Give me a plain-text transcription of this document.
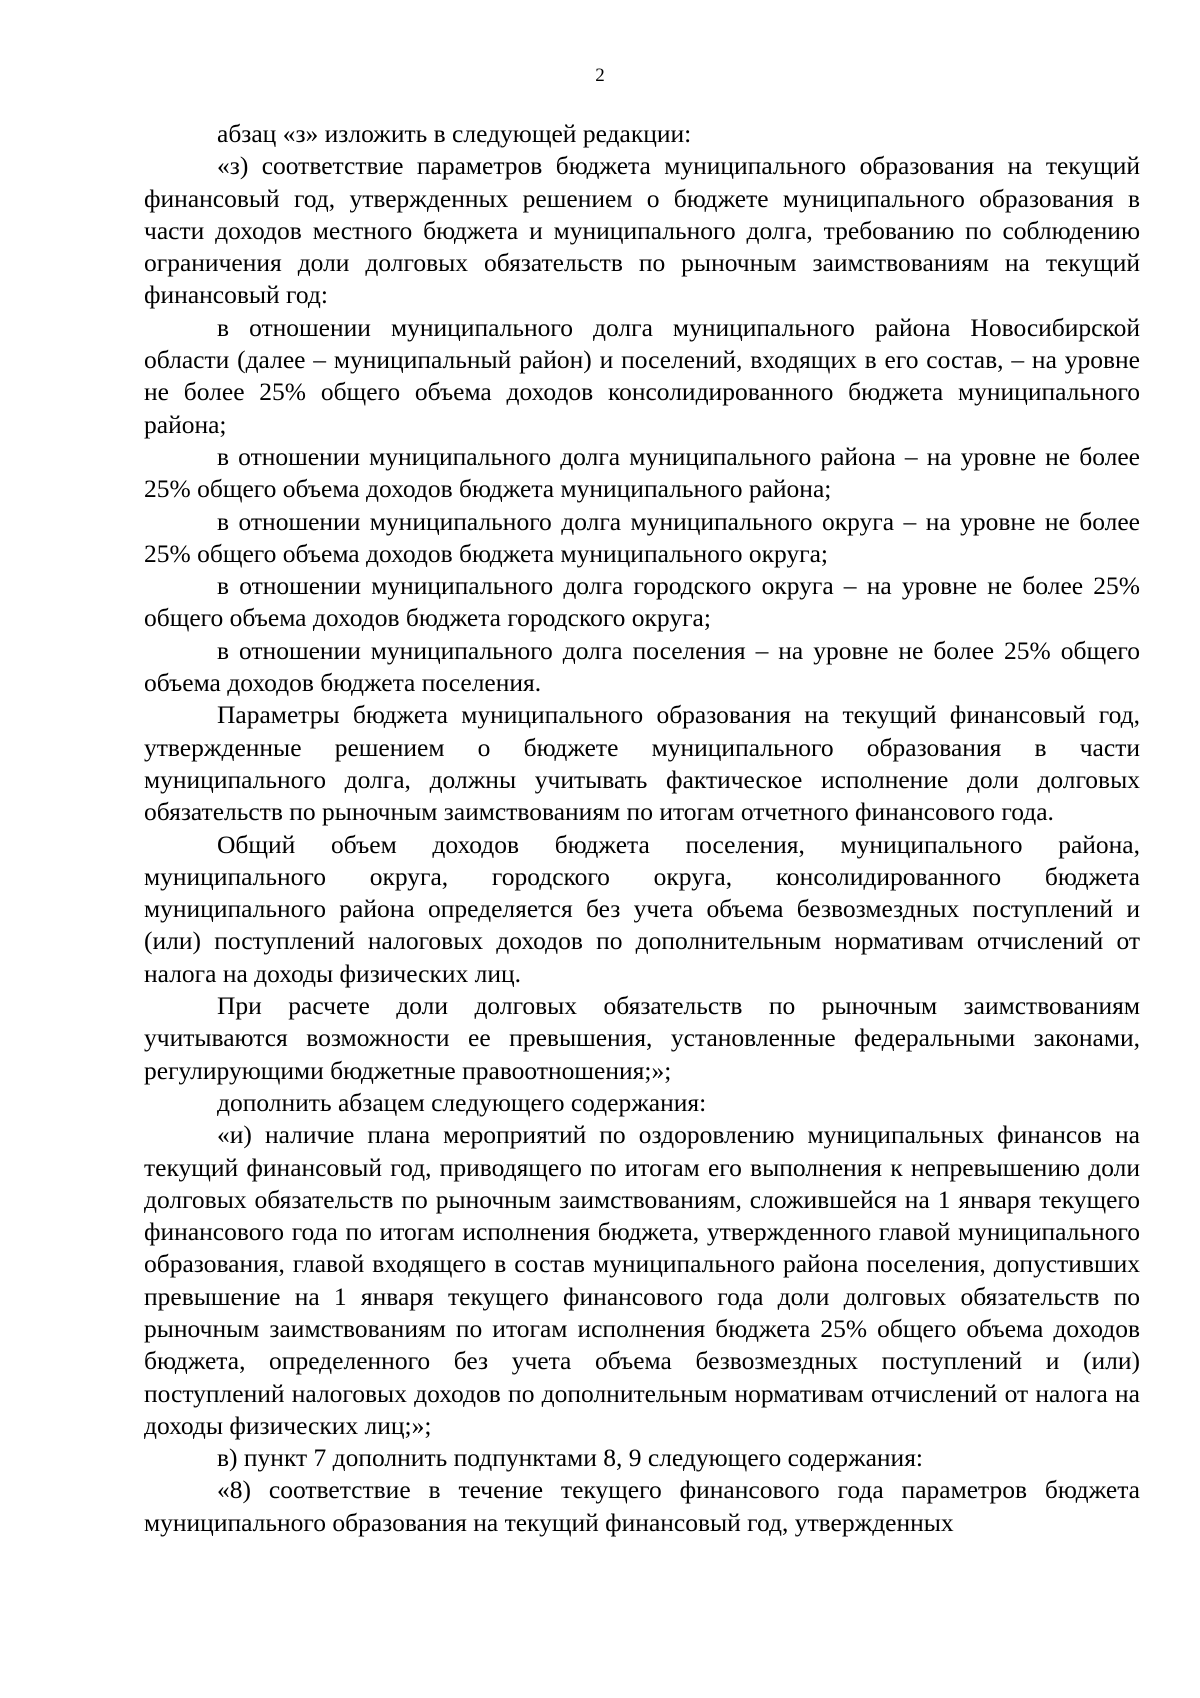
2

абзац «з» изложить в следующей редакции:

«з) соответствие параметров бюджета муниципального образования на текущий финансовый год, утвержденных решением о бюджете муниципального образования в части доходов местного бюджета и муниципального долга, требованию по соблюдению ограничения доли долговых обязательств по рыночным заимствованиям на текущий финансовый год:

в отношении муниципального долга муниципального района Новосибирской области (далее – муниципальный район) и поселений, входящих в его состав, – на уровне не более 25% общего объема доходов консолидированного бюджета муниципального района;

в отношении муниципального долга муниципального района – на уровне не более 25% общего объема доходов бюджета муниципального района;

в отношении муниципального долга муниципального округа – на уровне не более 25% общего объема доходов бюджета муниципального округа;

в отношении муниципального долга городского округа – на уровне не более 25% общего объема доходов бюджета городского округа;

в отношении муниципального долга поселения – на уровне не более 25% общего объема доходов бюджета поселения.

Параметры бюджета муниципального образования на текущий финансовый год, утвержденные решением о бюджете муниципального образования в части муниципального долга, должны учитывать фактическое исполнение доли долговых обязательств по рыночным заимствованиям по итогам отчетного финансового года.

Общий объем доходов бюджета поселения, муниципального района, муниципального округа, городского округа, консолидированного бюджета муниципального района определяется без учета объема безвозмездных поступлений и (или) поступлений налоговых доходов по дополнительным нормативам отчислений от налога на доходы физических лиц.

При расчете доли долговых обязательств по рыночным заимствованиям учитываются возможности ее превышения, установленные федеральными законами, регулирующими бюджетные правоотношения;»;

дополнить абзацем следующего содержания:

«и) наличие плана мероприятий по оздоровлению муниципальных финансов на текущий финансовый год, приводящего по итогам его выполнения к непревышению доли долговых обязательств по рыночным заимствованиям, сложившейся на 1 января текущего финансового года по итогам исполнения бюджета, утвержденного главой муниципального образования, главой входящего в состав муниципального района поселения, допустивших превышение на 1 января текущего финансового года доли долговых обязательств по рыночным заимствованиям по итогам исполнения бюджета 25% общего объема доходов бюджета, определенного без учета объема безвозмездных поступлений и (или) поступлений налоговых доходов по дополнительным нормативам отчислений от налога на доходы физических лиц;»;

в) пункт 7 дополнить подпунктами 8, 9 следующего содержания:

«8) соответствие в течение текущего финансового года параметров бюджета муниципального образования на текущий финансовый год, утвержденных
